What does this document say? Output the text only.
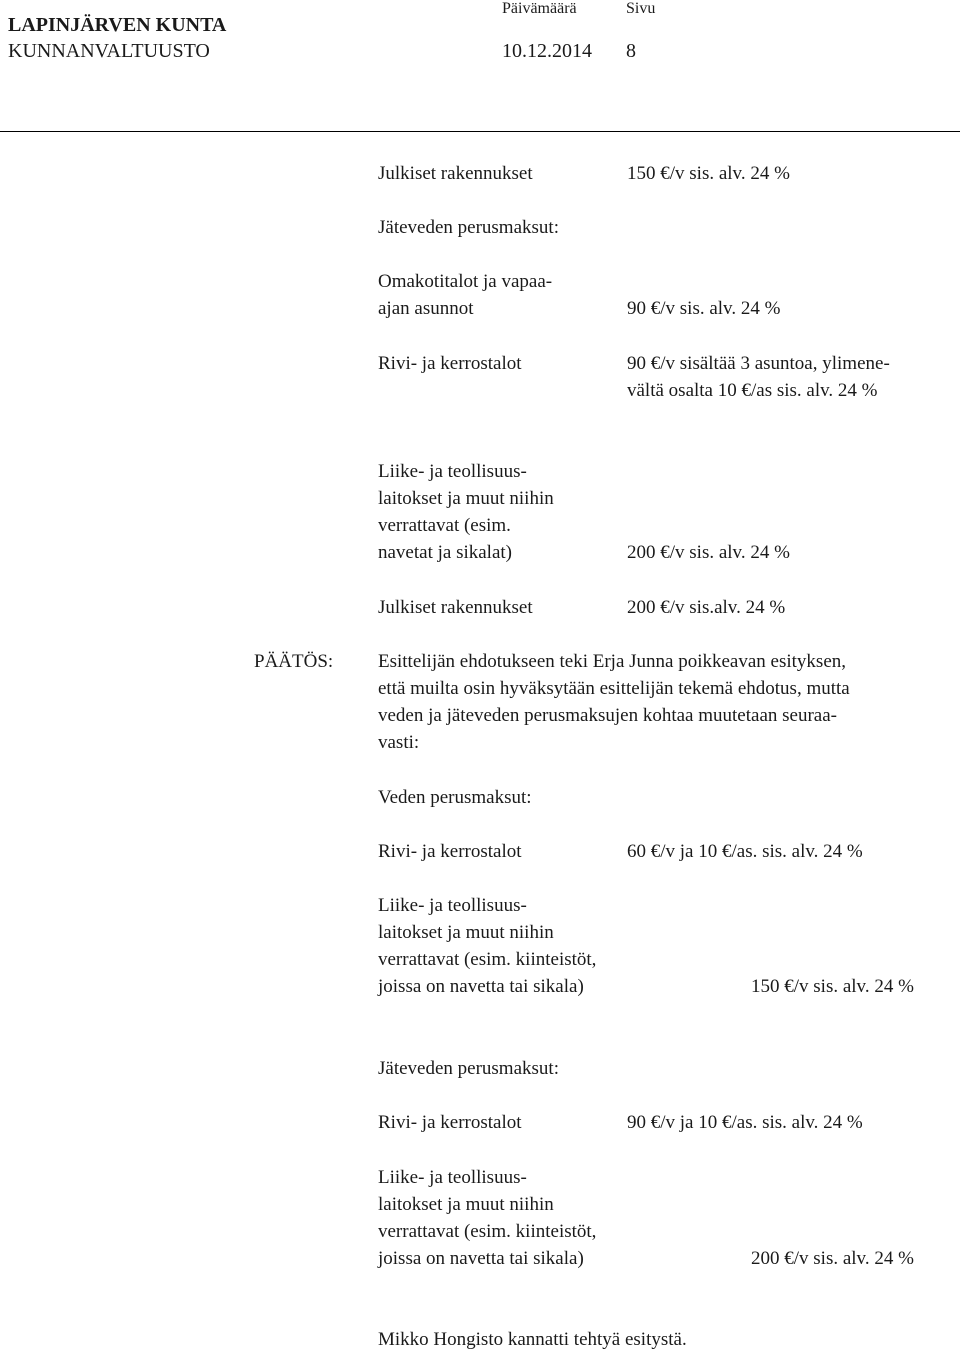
LAPINJÄRVEN KUNTA
KUNNANVALTUUSTO
Päivämäärä
10.12.2014
Sivu
8
Julkiset rakennukset	150 €/v sis. alv. 24 %
Jäteveden perusmaksut:
Omakotitalot ja vapaa-
ajan asunnot	90 €/v sis. alv. 24 %
Rivi- ja kerrostalot	90 €/v sisältää 3 asuntoa, ylimene-
vältä osalta 10 €/as sis. alv. 24 %
Liike- ja teollisuus-
laitokset ja muut niihin
verrattavat (esim.
navetat ja sikalat)	200 €/v sis. alv. 24 %
Julkiset rakennukset	200 €/v sis.alv. 24 %
PÄÄTÖS: Esittelijän ehdotukseen teki Erja Junna poikkeavan esityksen,
että muilta osin hyväksytään esittelijän tekemä ehdotus, mutta
veden ja jäteveden perusmaksujen kohtaa muutetaan seuraa-
vasti:
Veden perusmaksut:
Rivi- ja kerrostalot	60 €/v ja 10 €/as. sis. alv. 24 %
Liike- ja teollisuus-
laitokset ja muut niihin
verrattavat (esim. kiinteistöt,
joissa on navetta tai sikala)	150 €/v sis. alv. 24 %
Jäteveden perusmaksut:
Rivi- ja kerrostalot	90 €/v ja 10 €/as. sis. alv. 24 %
Liike- ja teollisuus-
laitokset ja muut niihin
verrattavat (esim. kiinteistöt,
joissa on navetta tai sikala)	200 €/v sis. alv. 24 %
Mikko Hongisto kannatti tehtyä esitystä.
